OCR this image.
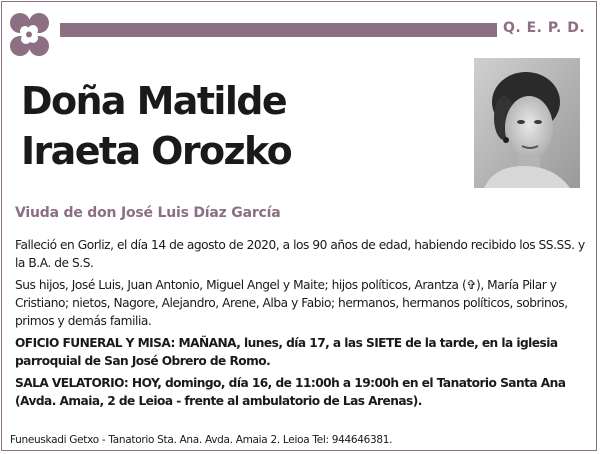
Q. E. P. D.
Doña Matilde
Iraeta Orozko
Viuda de don José Luis Díaz García

Falleció en Gorliz, el día 14 de agosto de 2020, a los 90 años de edad, habiendo recibido los SS.SS. y la B.A. de S.S.

Sus hijos, José Luis, Juan Antonio, Miguel Angel y Maite; hijos políticos, Arantza (✞), María Pilar y Cristiano; nietos, Nagore, Alejandro, Arene, Alba y Fabio; hermanos, hermanos políticos, sobrinos, primos y demás familia.

OFICIO FUNERAL Y MISA: MAÑANA, lunes, día 17, a las SIETE de la tarde, en la iglesia parroquial de San José Obrero de Romo.

SALA VELATORIO: HOY, domingo, día 16, de 11:00h a 19:00h en el Tanatorio Santa Ana (Avda. Amaia, 2 de Leioa - frente al ambulatorio de Las Arenas).

Funeuskadi Getxo - Tanatorio Sta. Ana. Avda. Amaia 2. Leioa Tel: 944646381.
